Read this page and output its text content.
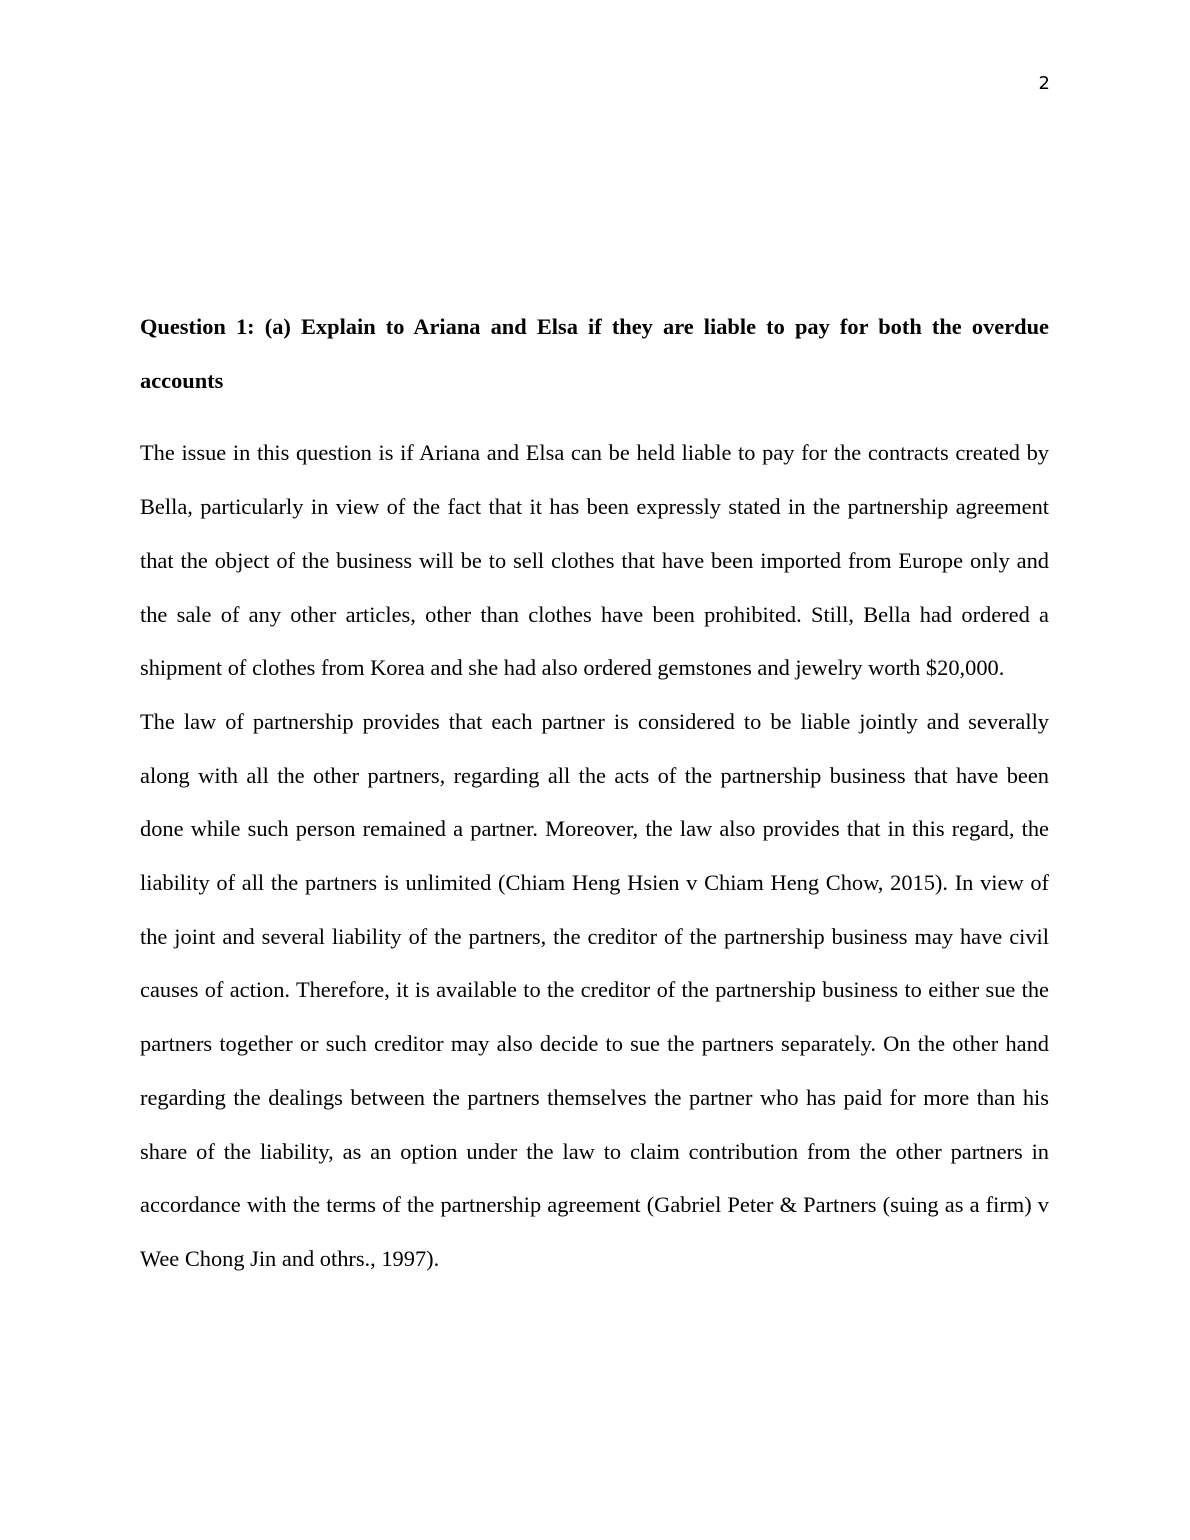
2

Question 1: (a) Explain to Ariana and Elsa if they are liable to pay for both the overdue accounts

The issue in this question is if Ariana and Elsa can be held liable to pay for the contracts created by Bella, particularly in view of the fact that it has been expressly stated in the partnership agreement that the object of the business will be to sell clothes that have been imported from Europe only and the sale of any other articles, other than clothes have been prohibited. Still, Bella had ordered a shipment of clothes from Korea and she had also ordered gemstones and jewelry worth $20,000.

The law of partnership provides that each partner is considered to be liable jointly and severally along with all the other partners, regarding all the acts of the partnership business that have been done while such person remained a partner. Moreover, the law also provides that in this regard, the liability of all the partners is unlimited (Chiam Heng Hsien v Chiam Heng Chow, 2015). In view of the joint and several liability of the partners, the creditor of the partnership business may have civil causes of action. Therefore, it is available to the creditor of the partnership business to either sue the partners together or such creditor may also decide to sue the partners separately. On the other hand regarding the dealings between the partners themselves the partner who has paid for more than his share of the liability, as an option under the law to claim contribution from the other partners in accordance with the terms of the partnership agreement (Gabriel Peter & Partners (suing as a firm) v Wee Chong Jin and othrs., 1997).
